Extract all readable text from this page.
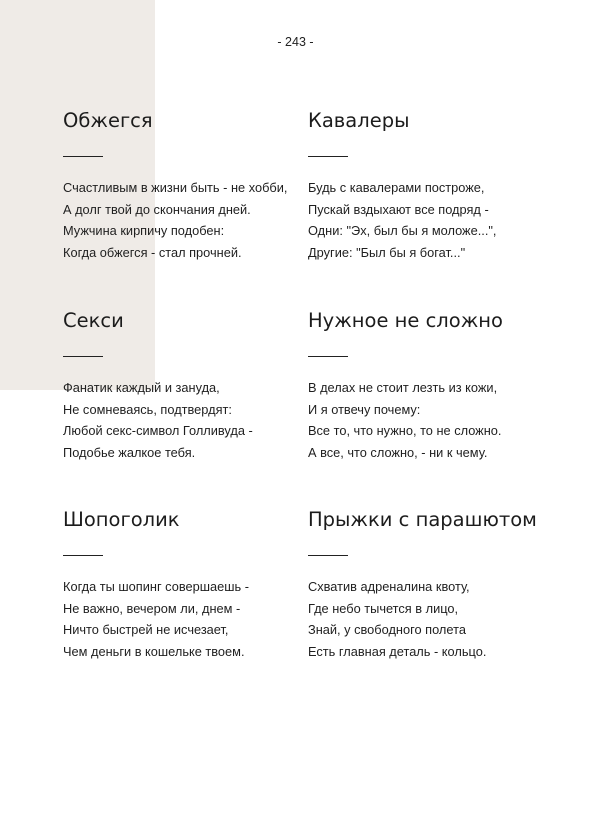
- 243 -
Обжегся
Счастливым в жизни быть - не хобби,
А долг твой до скончания дней.
Мужчина кирпичу подобен:
Когда обжегся - стал прочней.
Кавалеры
Будь с кавалерами построже,
Пускай вздыхают все подряд -
Одни: "Эх, был бы я моложе...",
Другие: "Был бы я богат..."
Секси
Фанатик каждый и зануда,
Не сомневаясь, подтвердят:
Любой секс-символ Голливуда -
Подобье жалкое тебя.
Нужное не сложно
В делах не стоит лезть из кожи,
И я отвечу почему:
Все то, что нужно, то не сложно.
А все, что сложно, - ни к чему.
Шопоголик
Когда ты шопинг совершаешь -
Не важно, вечером ли, днем -
Ничто быстрей не исчезает,
Чем деньги в кошельке твоем.
Прыжки с парашютом
Схватив адреналина квоту,
Где небо тычется в лицо,
Знай, у свободного полета
Есть главная деталь - кольцо.
